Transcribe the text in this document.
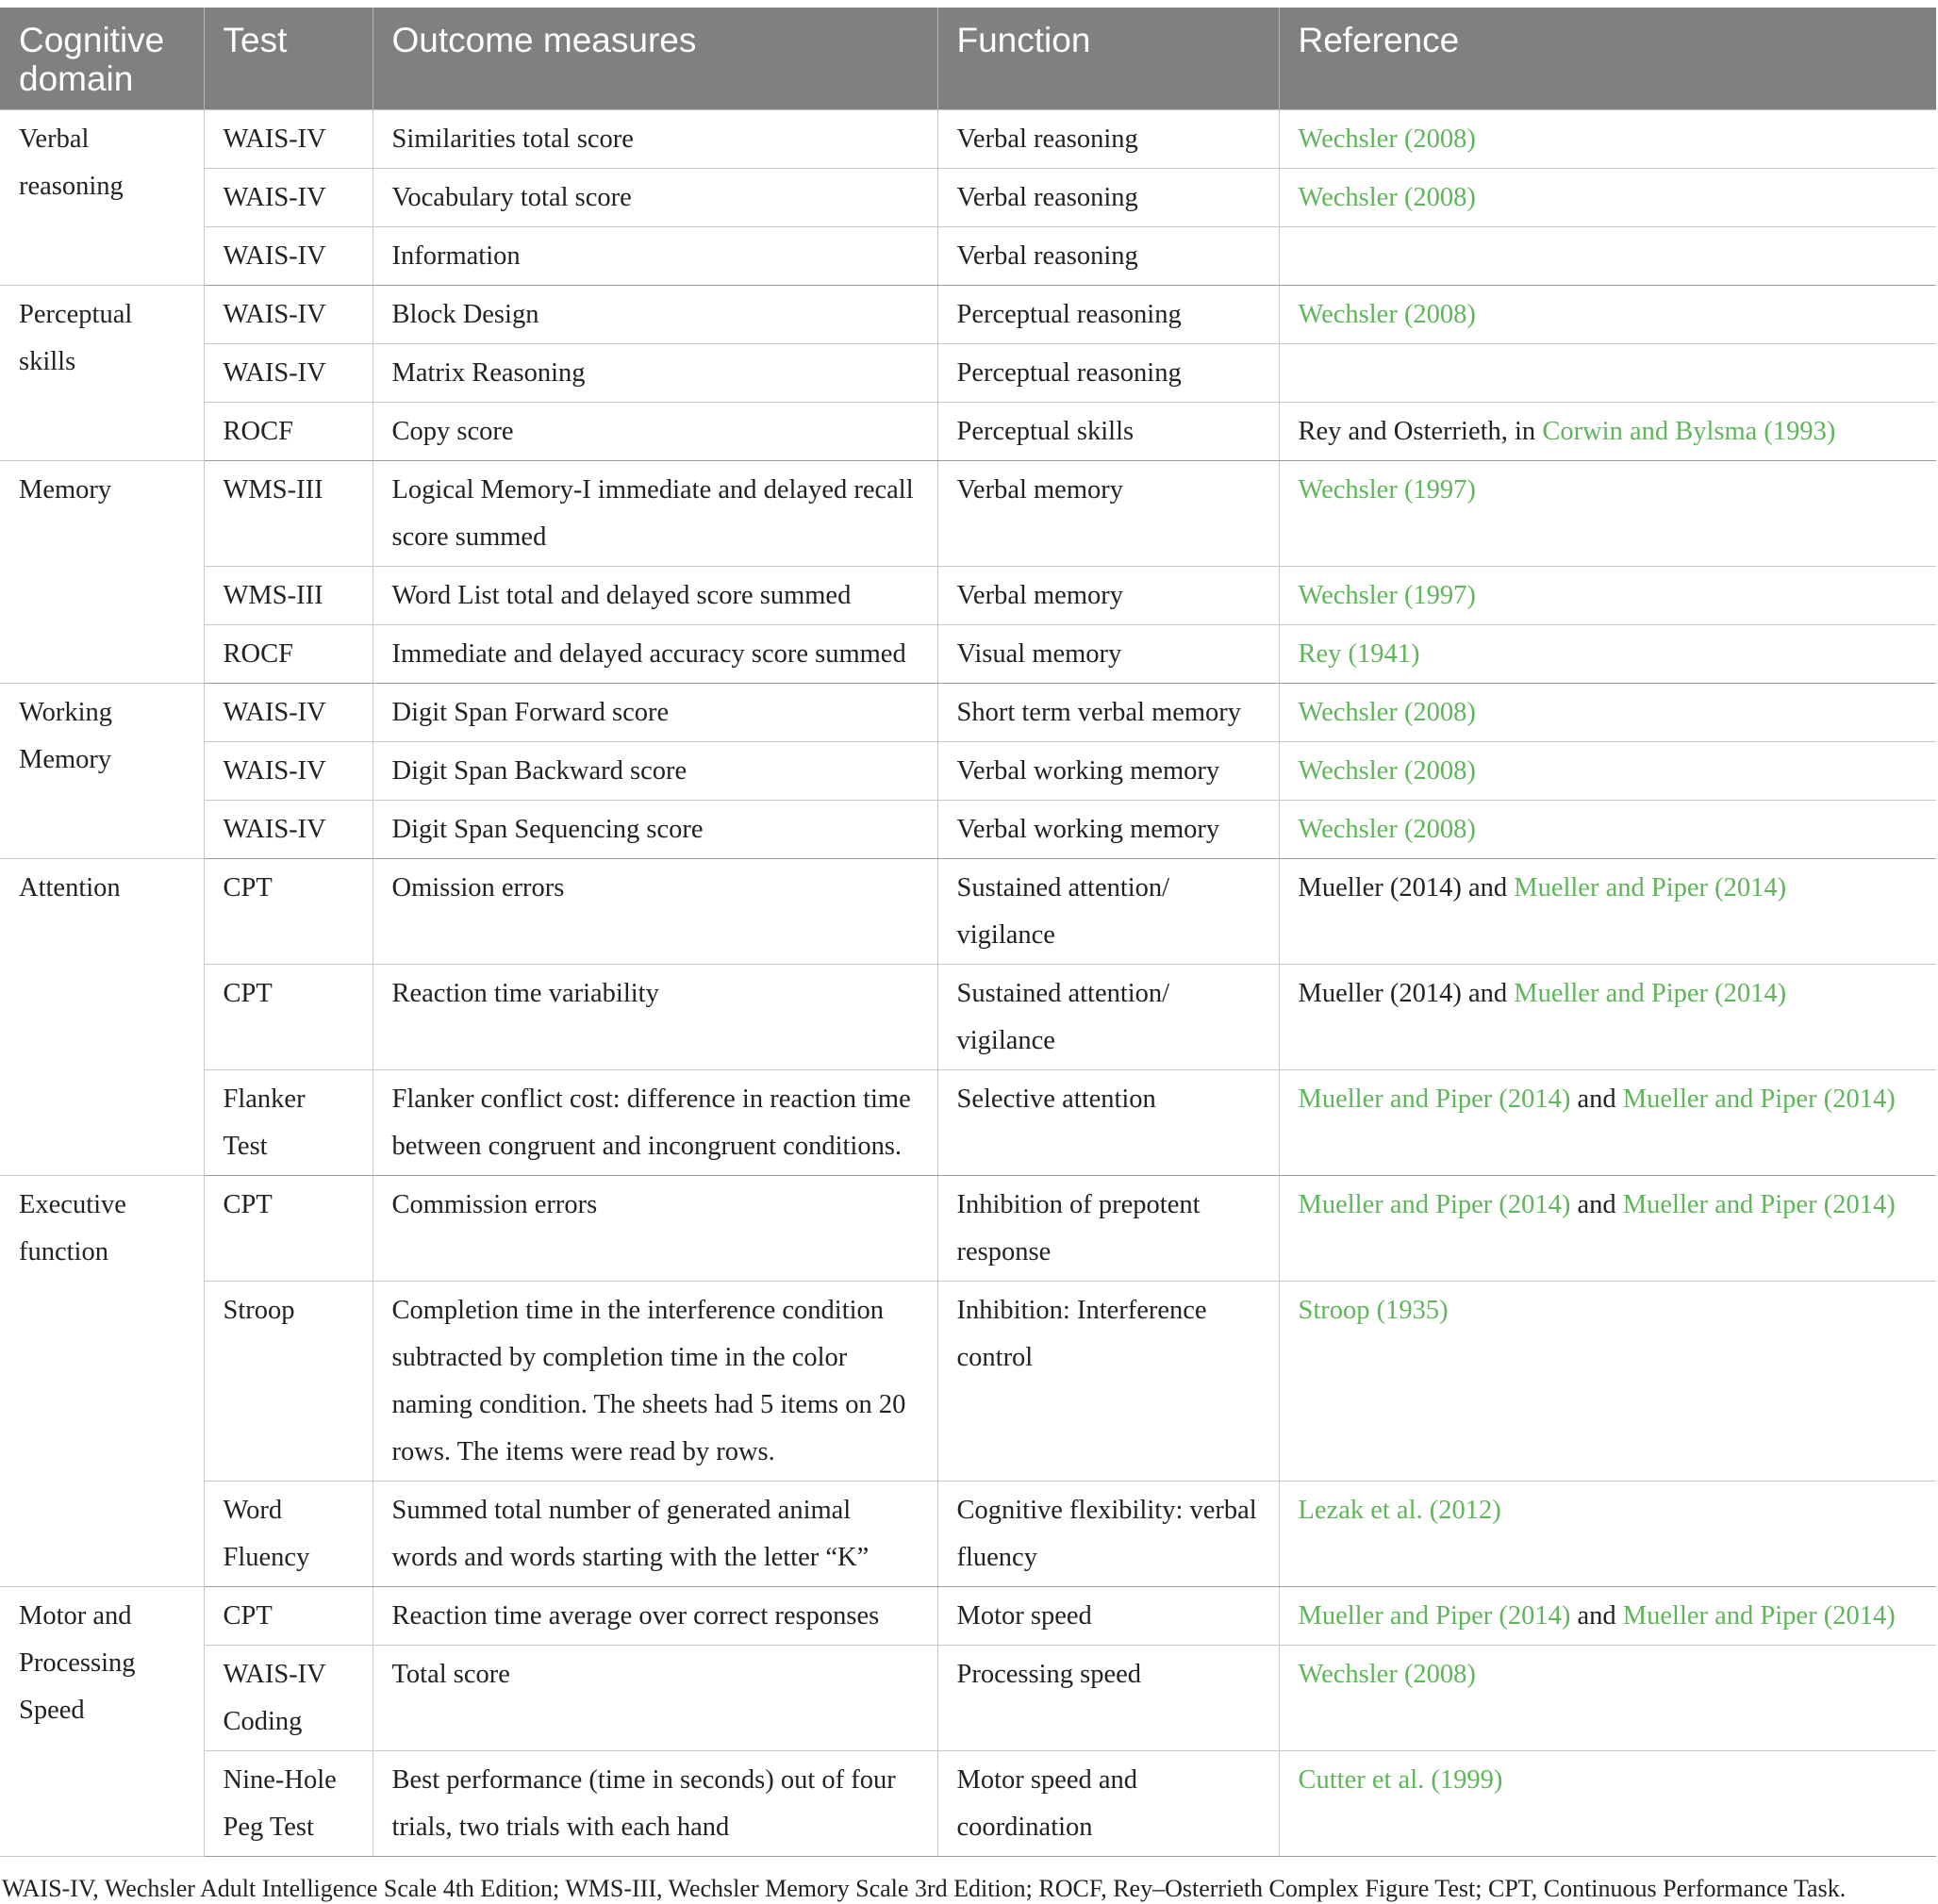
Cognitive domain	Test	Outcome measures	Function	Reference
Verbal reasoning	WAIS-IV	Similarities total score	Verbal reasoning	Wechsler (2008)
	WAIS-IV	Vocabulary total score	Verbal reasoning	Wechsler (2008)
	WAIS-IV	Information	Verbal reasoning	
Perceptual skills	WAIS-IV	Block Design	Perceptual reasoning	Wechsler (2008)
	WAIS-IV	Matrix Reasoning	Perceptual reasoning	
	ROCF	Copy score	Perceptual skills	Rey and Osterrieth, in Corwin and Bylsma (1993)
Memory	WMS-III	Logical Memory-I immediate and delayed recall score summed	Verbal memory	Wechsler (1997)
	WMS-III	Word List total and delayed score summed	Verbal memory	Wechsler (1997)
	ROCF	Immediate and delayed accuracy score summed	Visual memory	Rey (1941)
Working Memory	WAIS-IV	Digit Span Forward score	Short term verbal memory	Wechsler (2008)
	WAIS-IV	Digit Span Backward score	Verbal working memory	Wechsler (2008)
	WAIS-IV	Digit Span Sequencing score	Verbal working memory	Wechsler (2008)
Attention	CPT	Omission errors	Sustained attention/ vigilance	Mueller (2014) and Mueller and Piper (2014)
	CPT	Reaction time variability	Sustained attention/ vigilance	Mueller (2014) and Mueller and Piper (2014)
	Flanker Test	Flanker conflict cost: difference in reaction time between congruent and incongruent conditions.	Selective attention	Mueller and Piper (2014) and Mueller and Piper (2014)
Executive function	CPT	Commission errors	Inhibition of prepotent response	Mueller and Piper (2014) and Mueller and Piper (2014)
	Stroop	Completion time in the interference condition subtracted by completion time in the color naming condition. The sheets had 5 items on 20 rows. The items were read by rows.	Inhibition: Interference control	Stroop (1935)
	Word Fluency	Summed total number of generated animal words and words starting with the letter “K”	Cognitive flexibility: verbal fluency	Lezak et al. (2012)
Motor and Processing Speed	CPT	Reaction time average over correct responses	Motor speed	Mueller and Piper (2014) and Mueller and Piper (2014)
	WAIS-IV Coding	Total score	Processing speed	Wechsler (2008)
	Nine-Hole Peg Test	Best performance (time in seconds) out of four trials, two trials with each hand	Motor speed and coordination	Cutter et al. (1999)
WAIS-IV, Wechsler Adult Intelligence Scale 4th Edition; WMS-III, Wechsler Memory Scale 3rd Edition; ROCF, Rey–Osterrieth Complex Figure Test; CPT, Continuous Performance Task.
